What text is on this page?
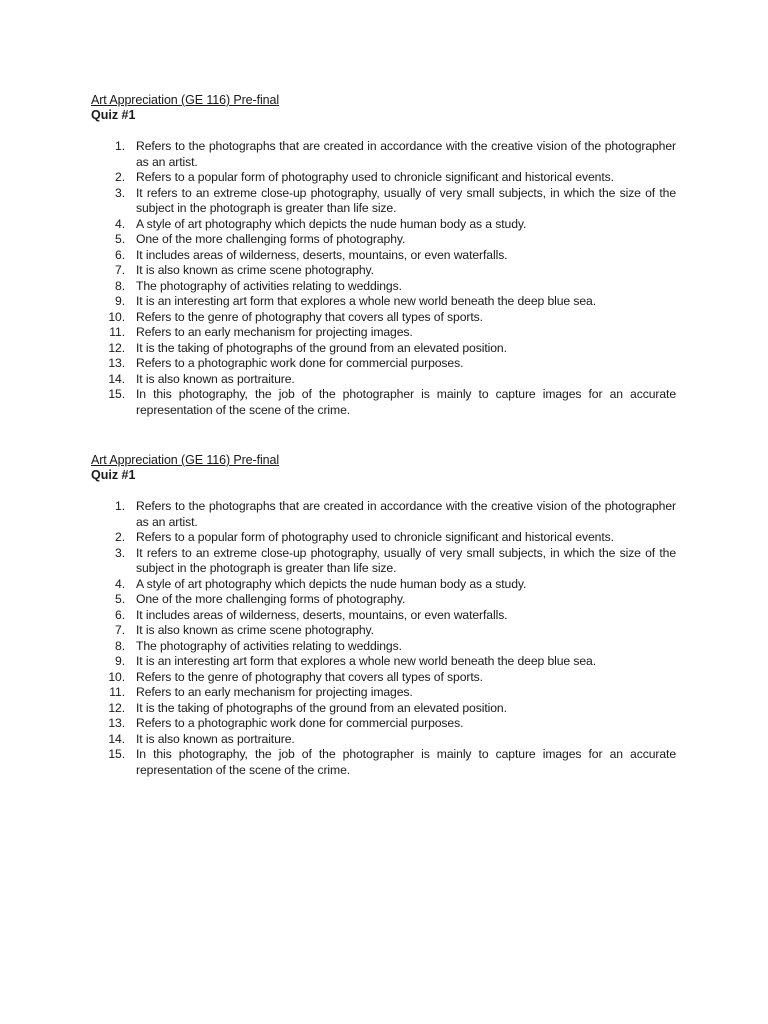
Art Appreciation (GE 116) Pre-final
Quiz #1
1. Refers to the photographs that are created in accordance with the creative vision of the photographer as an artist.
2. Refers to a popular form of photography used to chronicle significant and historical events.
3. It refers to an extreme close-up photography, usually of very small subjects, in which the size of the subject in the photograph is greater than life size.
4. A style of art photography which depicts the nude human body as a study.
5. One of the more challenging forms of photography.
6. It includes areas of wilderness, deserts, mountains, or even waterfalls.
7. It is also known as crime scene photography.
8. The photography of activities relating to weddings.
9. It is an interesting art form that explores a whole new world beneath the deep blue sea.
10. Refers to the genre of photography that covers all types of sports.
11. Refers to an early mechanism for projecting images.
12. It is the taking of photographs of the ground from an elevated position.
13. Refers to a photographic work done for commercial purposes.
14. It is also known as portraiture.
15. In this photography, the job of the photographer is mainly to capture images for an accurate representation of the scene of the crime.
Art Appreciation (GE 116) Pre-final
Quiz #1
1. Refers to the photographs that are created in accordance with the creative vision of the photographer as an artist.
2. Refers to a popular form of photography used to chronicle significant and historical events.
3. It refers to an extreme close-up photography, usually of very small subjects, in which the size of the subject in the photograph is greater than life size.
4. A style of art photography which depicts the nude human body as a study.
5. One of the more challenging forms of photography.
6. It includes areas of wilderness, deserts, mountains, or even waterfalls.
7. It is also known as crime scene photography.
8. The photography of activities relating to weddings.
9. It is an interesting art form that explores a whole new world beneath the deep blue sea.
10. Refers to the genre of photography that covers all types of sports.
11. Refers to an early mechanism for projecting images.
12. It is the taking of photographs of the ground from an elevated position.
13. Refers to a photographic work done for commercial purposes.
14. It is also known as portraiture.
15. In this photography, the job of the photographer is mainly to capture images for an accurate representation of the scene of the crime.
